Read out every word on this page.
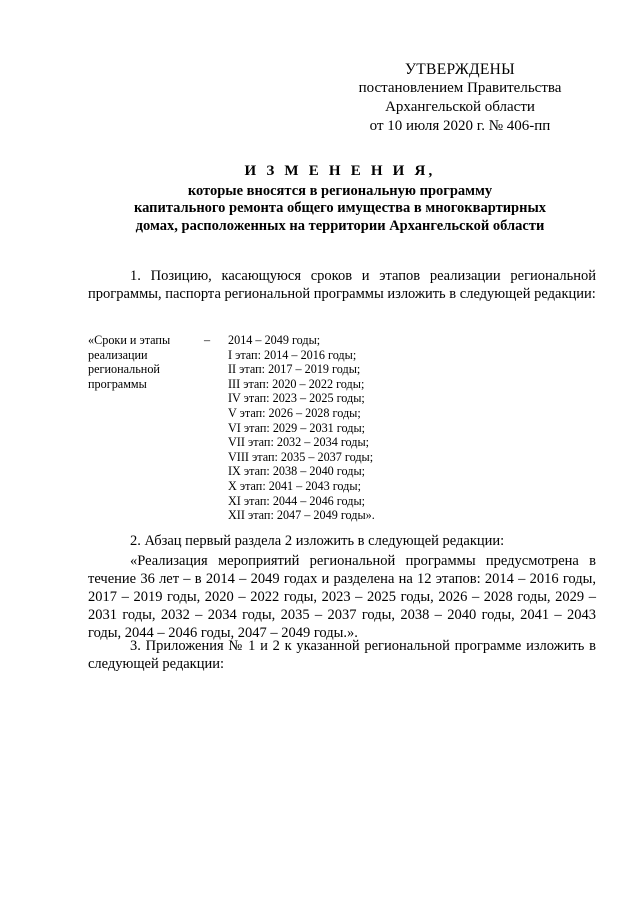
УТВЕРЖДЕНЫ
постановлением Правительства
Архангельской области
от 10 июля 2020 г. № 406-пп
И З М Е Н Е Н И Я,
которые вносятся в региональную программу
капитального ремонта общего имущества в многоквартирных
домах, расположенных на территории Архангельской области
1. Позицию, касающуюся сроков и этапов реализации региональной программы, паспорта региональной программы изложить в следующей редакции:
«Сроки и этапы
реализации
региональной
программы
– 2014 – 2049 годы;
I этап: 2014 – 2016 годы;
II этап: 2017 – 2019 годы;
III этап: 2020 – 2022 годы;
IV этап: 2023 – 2025 годы;
V этап: 2026 – 2028 годы;
VI этап: 2029 – 2031 годы;
VII этап: 2032 – 2034 годы;
VIII этап: 2035 – 2037 годы;
IX этап: 2038 – 2040 годы;
X этап: 2041 – 2043 годы;
XI этап: 2044 – 2046 годы;
XII этап: 2047 – 2049 годы».
2. Абзац первый раздела 2 изложить в следующей редакции:
«Реализация мероприятий региональной программы предусмотрена в течение 36 лет – в 2014 – 2049 годах и разделена на 12 этапов: 2014 – 2016 годы, 2017 – 2019 годы, 2020 – 2022 годы, 2023 – 2025 годы, 2026 – 2028 годы, 2029 – 2031 годы, 2032 – 2034 годы, 2035 – 2037 годы, 2038 – 2040 годы, 2041 – 2043 годы, 2044 – 2046 годы, 2047 – 2049 годы.».
3. Приложения № 1 и 2 к указанной региональной программе изложить в следующей редакции:
